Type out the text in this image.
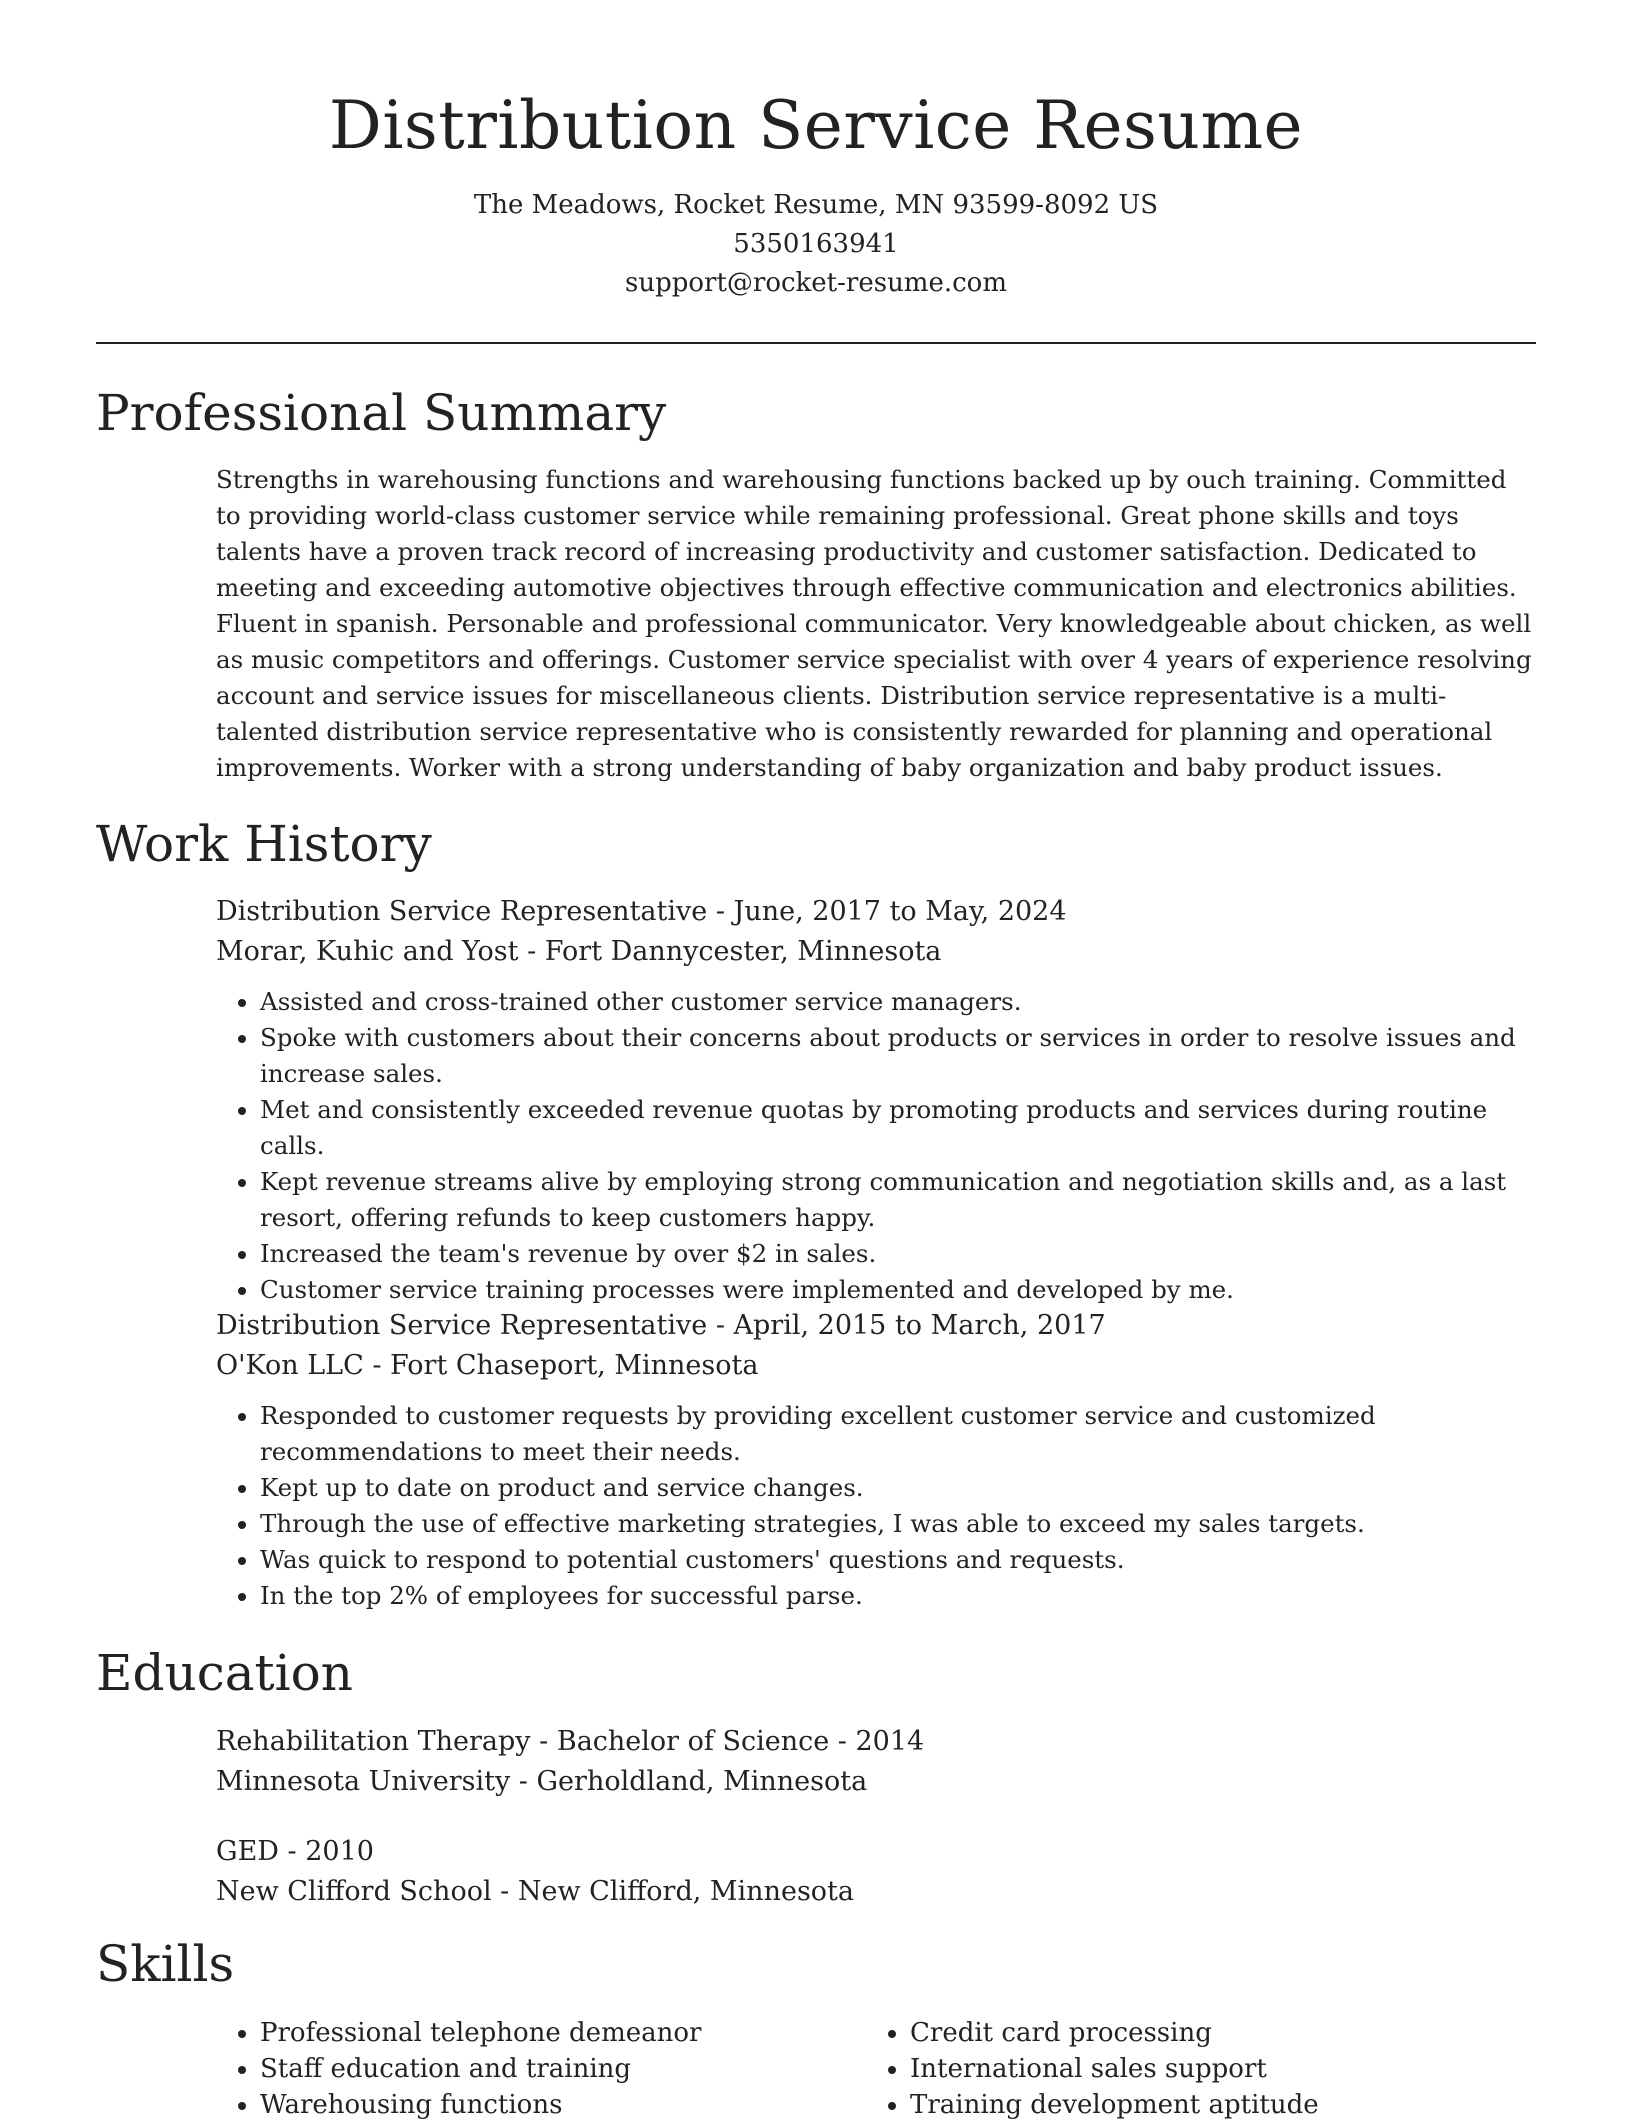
Distribution Service Resume
The Meadows, Rocket Resume, MN 93599-8092 US
5350163941
support@rocket-resume.com
Professional Summary

Strengths in warehousing functions and warehousing functions backed up by ouch training. Committed to providing world-class customer service while remaining professional. Great phone skills and toys talents have a proven track record of increasing productivity and customer satisfaction. Dedicated to meeting and exceeding automotive objectives through effective communication and electronics abilities. Fluent in spanish. Personable and professional communicator. Very knowledgeable about chicken, as well as music competitors and offerings. Customer service specialist with over 4 years of experience resolving account and service issues for miscellaneous clients. Distribution service representative is a multi-talented distribution service representative who is consistently rewarded for planning and operational improvements. Worker with a strong understanding of baby organization and baby product issues.

Work History
Distribution Service Representative - June, 2017 to May, 2024
Morar, Kuhic and Yost - Fort Dannycester, Minnesota
• Assisted and cross-trained other customer service managers.
• Spoke with customers about their concerns about products or services in order to resolve issues and increase sales.
• Met and consistently exceeded revenue quotas by promoting products and services during routine calls.
• Kept revenue streams alive by employing strong communication and negotiation skills and, as a last resort, offering refunds to keep customers happy.
• Increased the team's revenue by over $2 in sales.
• Customer service training processes were implemented and developed by me.
Distribution Service Representative - April, 2015 to March, 2017
O'Kon LLC - Fort Chaseport, Minnesota
• Responded to customer requests by providing excellent customer service and customized recommendations to meet their needs.
• Kept up to date on product and service changes.
• Through the use of effective marketing strategies, I was able to exceed my sales targets.
• Was quick to respond to potential customers' questions and requests.
• In the top 2% of employees for successful parse.
Education
Rehabilitation Therapy - Bachelor of Science - 2014
Minnesota University - Gerholdland, Minnesota
GED - 2010
New Clifford School - New Clifford, Minnesota
Skills
• Professional telephone demeanor
• Staff education and training
• Warehousing functions
• Credit card processing
• International sales support
• Training development aptitude
